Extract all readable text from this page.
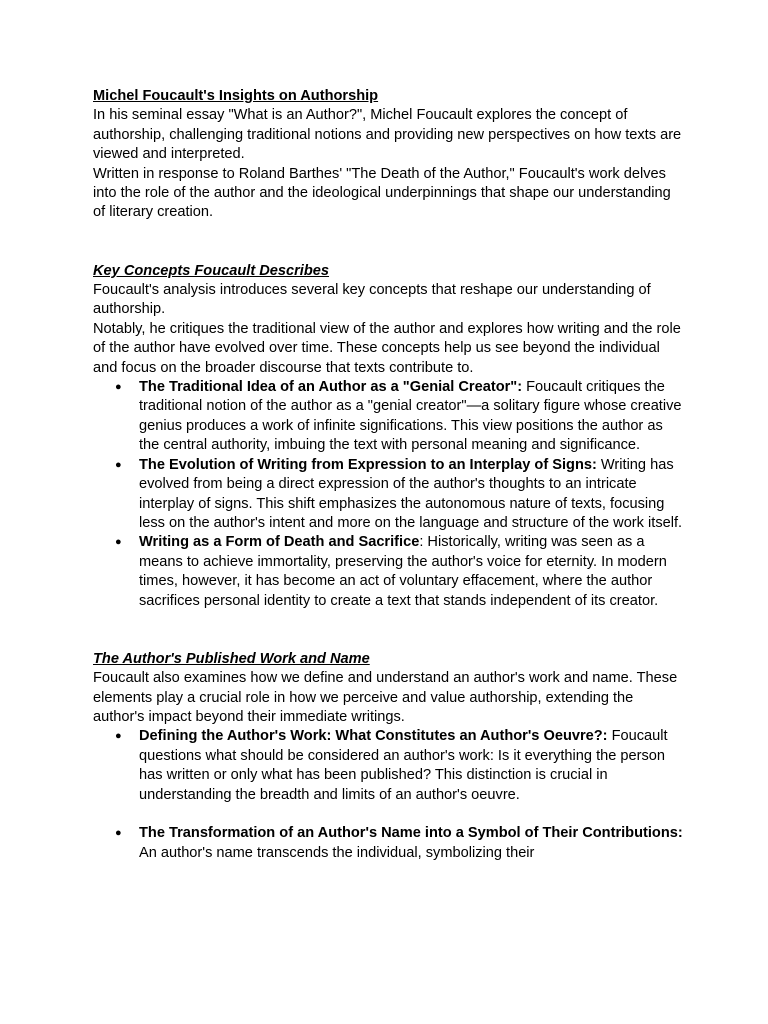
Michel Foucault's Insights on Authorship

In his seminal essay "What is an Author?", Michel Foucault explores the concept of authorship, challenging traditional notions and providing new perspectives on how texts are viewed and interpreted.

Written in response to Roland Barthes' "The Death of the Author," Foucault's work delves into the role of the author and the ideological underpinnings that shape our understanding of literary creation.

Key Concepts Foucault Describes

Foucault's analysis introduces several key concepts that reshape our understanding of authorship.

Notably, he critiques the traditional view of the author and explores how writing and the role of the author have evolved over time. These concepts help us see beyond the individual and focus on the broader discourse that texts contribute to.

● The Traditional Idea of an Author as a "Genial Creator": Foucault critiques the traditional notion of the author as a "genial creator"—a solitary figure whose creative genius produces a work of infinite significations. This view positions the author as the central authority, imbuing the text with personal meaning and significance.
● The Evolution of Writing from Expression to an Interplay of Signs: Writing has evolved from being a direct expression of the author's thoughts to an intricate interplay of signs. This shift emphasizes the autonomous nature of texts, focusing less on the author's intent and more on the language and structure of the work itself.
● Writing as a Form of Death and Sacrifice: Historically, writing was seen as a means to achieve immortality, preserving the author's voice for eternity. In modern times, however, it has become an act of voluntary effacement, where the author sacrifices personal identity to create a text that stands independent of its creator.

The Author's Published Work and Name

Foucault also examines how we define and understand an author's work and name. These elements play a crucial role in how we perceive and value authorship, extending the author's impact beyond their immediate writings.

● Defining the Author's Work: What Constitutes an Author's Oeuvre?: Foucault questions what should be considered an author's work: Is it everything the person has written or only what has been published? This distinction is crucial in understanding the breadth and limits of an author's oeuvre.
● The Transformation of an Author's Name into a Symbol of Their Contributions: An author's name transcends the individual, symbolizing their
